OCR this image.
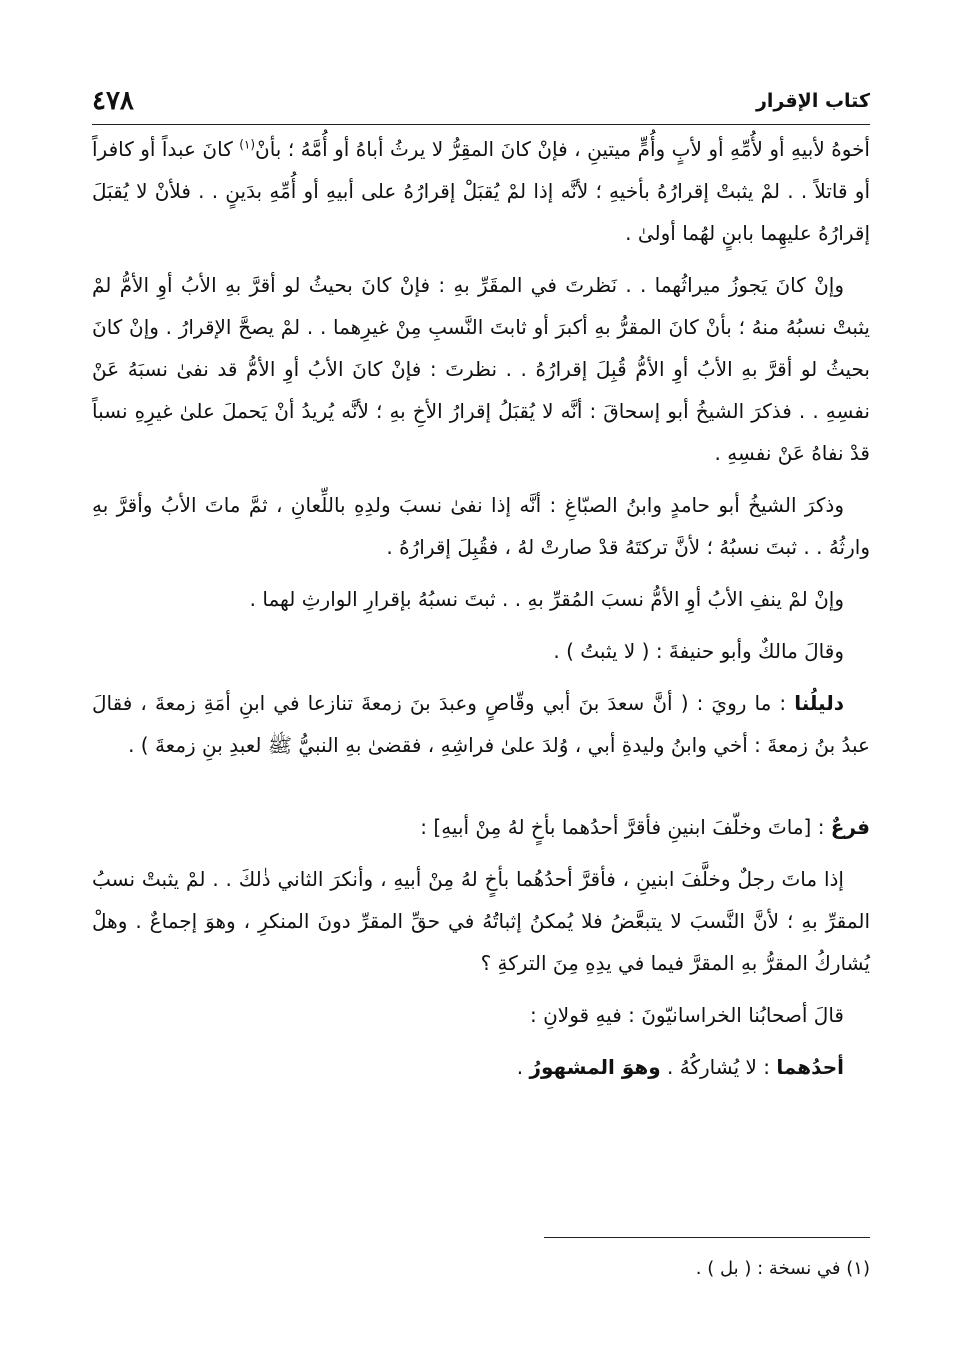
٤٧٨	كتاب الإقرار

أخوهُ لأبيهِ أو لأُمِّهِ أو لأبٍ وأُمٍّ ميتينِ ، فإنْ كانَ المقِرُّ لا يرثُ أباهُ أو أُمَّهُ ؛ بأنْ$^{(١)}$ كانَ عبداً أو كافراً أو قاتلاً . . لمْ يثبتْ إقرارُهُ بأخيهِ ؛ لأنَّه إذا لمْ يُقبَلْ إقرارُهُ على أبيهِ أو أُمِّهِ بدَينٍ . . فلأنْ لا يُقبَلَ إقرارُهُ عليهِما بابنٍ لهُما أولىٰ .

وإنْ كانَ يَجوزُ ميراثُهما . . نَظرتَ في المقَرِّ بهِ : فإنْ كانَ بحيثُ لو أقرَّ بهِ الأبُ أوِ الأمُّ لمْ يثبتْ نسبُهُ منهُ ؛ بأنْ كانَ المقرُّ بهِ أكبرَ أو ثابتَ النَّسبِ مِنْ غيرِهما . . لمْ يصحَّ الإقرارُ . وإنْ كانَ بحيثُ لو أقرَّ بهِ الأبُ أوِ الأمُّ قُبِلَ إقرارُهُ . . نظرتَ : فإنْ كانَ الأبُ أوِ الأمُّ قد نفىٰ نسبَهُ عَنْ نفسِهِ . . فذكرَ الشيخُ أبو إسحاقَ : أنَّه لا يُقبَلُ إقرارُ الأخِ بهِ ؛ لأنَّه يُريدُ أنْ يَحملَ علىٰ غيرِهِ نسباً قدْ نفاهُ عَنْ نفسِهِ .

وذكرَ الشيخُ أبو حامدٍ وابنُ الصبّاغِ : أنَّه إذا نفىٰ نسبَ ولدِهِ باللِّعانِ ، ثمَّ ماتَ الأبُ وأقرَّ بهِ وارثُهُ . . ثبتَ نسبُهُ ؛ لأنَّ تركتَهُ قدْ صارتْ لهُ ، فقُبِلَ إقرارُهُ .

وإنْ لمْ ينفِ الأبُ أوِ الأمُّ نسبَ المُقرِّ بهِ . . ثبتَ نسبُهُ بإقرارِ الوارثِ لهما .

وقالَ مالكٌ وأبو حنيفةَ : ( لا يثبتُ ) .

دليلُنا : ما رويَ : ( أنَّ سعدَ بنَ أبي وقّاصٍ وعبدَ بنَ زمعةَ تنازعا في ابنِ أمَةِ زمعةَ ، فقالَ عبدُ بنُ زمعةَ : أخي وابنُ وليدةِ أبي ، وُلدَ علىٰ فراشِهِ ، فقضىٰ بهِ النبيُّ ﷺ لعبدِ بنِ زمعةَ ) .

فرعٌ : [ماتَ وخلّفَ ابنينِ فأقرَّ أحدُهما بأخٍ لهُ مِنْ أبيهِ] :

إذا ماتَ رجلٌ وخلَّفَ ابنينِ ، فأقرَّ أحدُهُما بأخٍ لهُ مِنْ أبيهِ ، وأنكرَ الثاني ذٰلكَ . . لمْ يثبتْ نسبُ المقرِّ بهِ ؛ لأنَّ النَّسبَ لا يتبعَّضُ فلا يُمكنُ إثباتُهُ في حقِّ المقرِّ دونَ المنكرِ ، وهوَ إجماعٌ . وهلْ يُشاركُ المقرُّ بهِ المقرَّ فيما في يدِهِ مِنَ التركةِ ؟

قالَ أصحابُنا الخراسانيّونَ : فيهِ قولانِ :

أحدُهما : لا يُشاركُهُ . وهوَ المشهورُ .

(١) في نسخة : ( بل ) .
